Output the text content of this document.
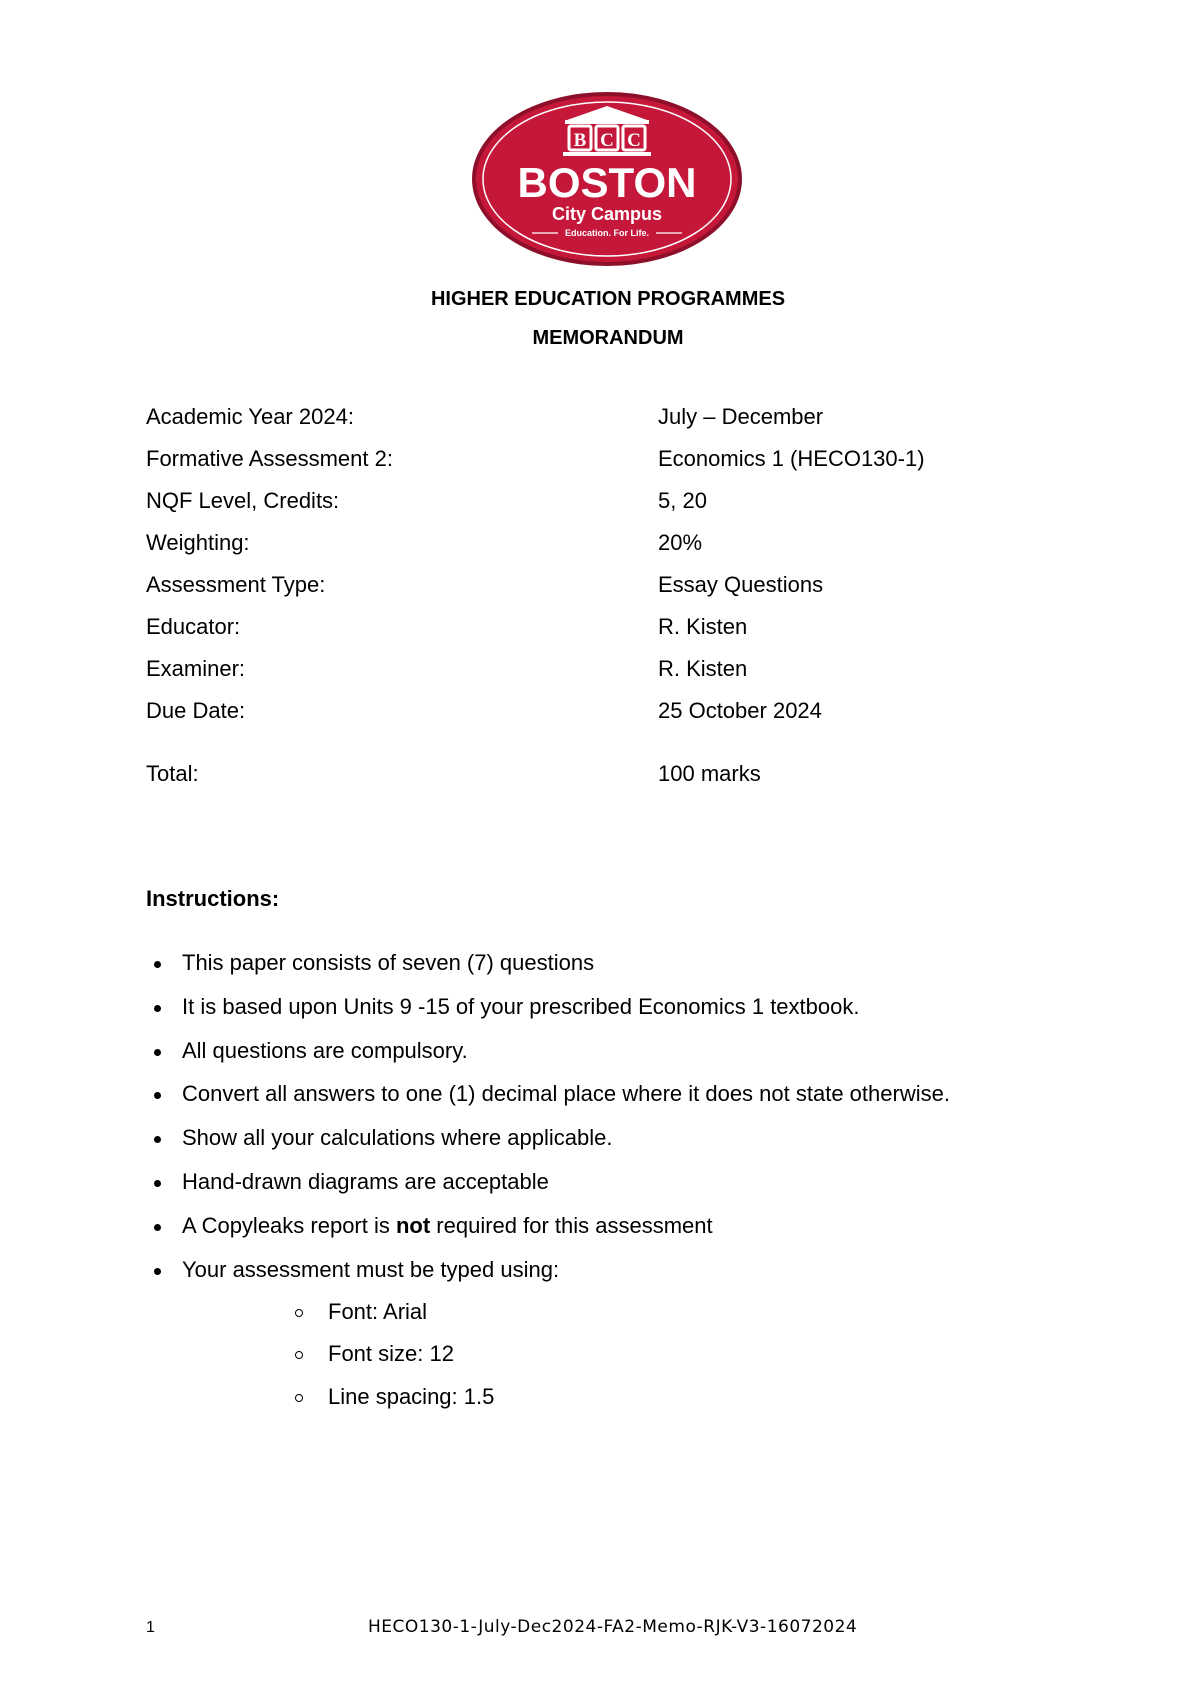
B C C
BOSTON
City Campus
Education. For Life.
HIGHER EDUCATION PROGRAMMES
MEMORANDUM
Academic Year 2024:	July – December
Formative Assessment 2:	Economics 1 (HECO130-1)
NQF Level, Credits:	5, 20
Weighting:	20%
Assessment Type:	Essay Questions
Educator:	R. Kisten
Examiner:	R. Kisten
Due Date:	25 October 2024
Total:	100 marks
Instructions:
This paper consists of seven (7) questions
It is based upon Units 9 -15 of your prescribed Economics 1 textbook.
All questions are compulsory.
Convert all answers to one (1) decimal place where it does not state otherwise.
Show all your calculations where applicable.
Hand-drawn diagrams are acceptable
A Copyleaks report is not required for this assessment
Your assessment must be typed using:
Font: Arial
Font size: 12
Line spacing: 1.5
1	HECO130-1-July-Dec2024-FA2-Memo-RJK-V3-16072024
